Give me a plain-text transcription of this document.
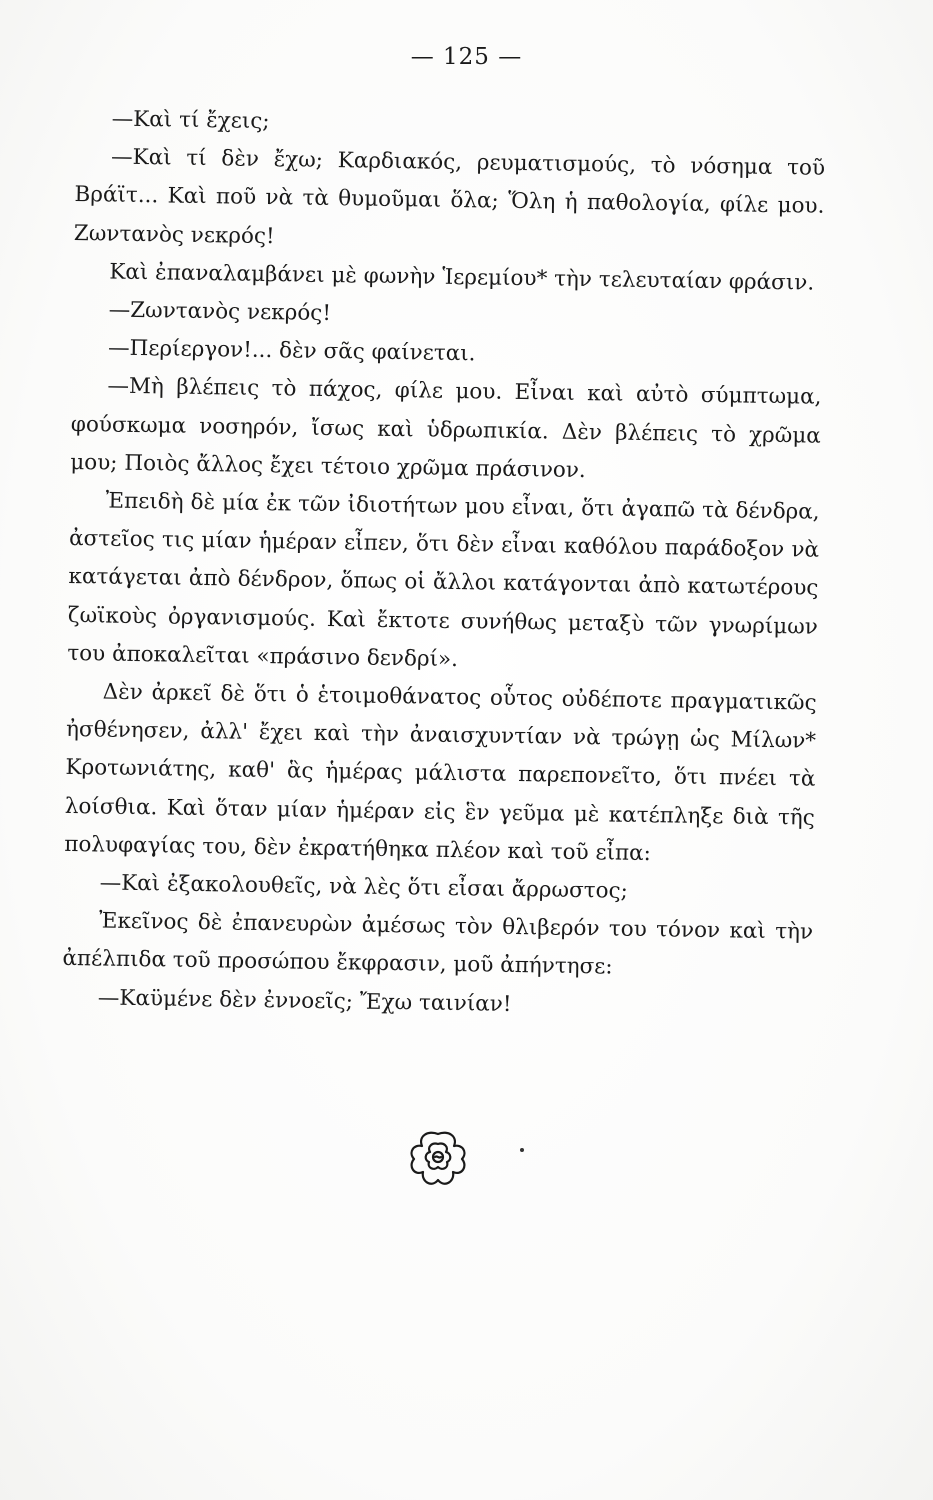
— 125 —

—Καὶ τί ἔχεις;

—Καὶ τί δὲν ἔχω; Καρδιακός, ρευματισμούς, τὸ νόσημα τοῦ Βράϊτ... Καὶ ποῦ νὰ τὰ θυμοῦμαι ὅλα; Ὅλη ἡ παθολογία, φίλε μου. Ζωντανὸς νεκρός!

Καὶ ἐπαναλαμβάνει μὲ φωνὴν Ἱερεμίου* τὴν τελευταίαν φράσιν.

—Ζωντανὸς νεκρός!

—Περίεργον!... δὲν σᾶς φαίνεται.

—Μὴ βλέπεις τὸ πάχος, φίλε μου. Εἶναι καὶ αὐτὸ σύμπτωμα, φούσκωμα νοσηρόν, ἴσως καὶ ὑδρωπικία. Δὲν βλέπεις τὸ χρῶμα μου; Ποιὸς ἄλλος ἔχει τέτοιο χρῶμα πράσινον.

Ἐπειδὴ δὲ μία ἐκ τῶν ἰδιοτήτων μου εἶναι, ὅτι ἀγαπῶ τὰ δένδρα, ἀστεῖος τις μίαν ἡμέραν εἶπεν, ὅτι δὲν εἶναι καθόλου παράδοξον νὰ κατάγεται ἀπὸ δένδρον, ὅπως οἱ ἄλλοι κατάγονται ἀπὸ κατωτέρους ζωϊκοὺς ὀργανισμούς. Καὶ ἔκτοτε συνήθως μεταξὺ τῶν γνωρίμων του ἀποκαλεῖται «πράσινο δενδρί».

Δὲν ἀρκεῖ δὲ ὅτι ὁ ἑτοιμοθάνατος οὗτος οὐδέποτε πραγματικῶς ἠσθένησεν, ἀλλ' ἔχει καὶ τὴν ἀναισχυντίαν νὰ τρώγῃ ὡς Μίλων* Κροτωνιάτης, καθ' ἃς ἡμέρας μάλιστα παρεπονεῖτο, ὅτι πνέει τὰ λοίσθια. Καὶ ὅταν μίαν ἡμέραν εἰς ἓν γεῦμα μὲ κατέπληξε διὰ τῆς πολυφαγίας του, δὲν ἐκρατήθηκα πλέον καὶ τοῦ εἶπα:

—Καὶ ἐξακολουθεῖς, νὰ λὲς ὅτι εἶσαι ἄρρωστος;

Ἐκεῖνος δὲ ἐπανευρὼν ἀμέσως τὸν θλιβερόν του τόνον καὶ τὴν ἀπέλπιδα τοῦ προσώπου ἔκφρασιν, μοῦ ἀπήντησε:

—Καϋμένε δὲν ἐννοεῖς; Ἔχω ταινίαν!
